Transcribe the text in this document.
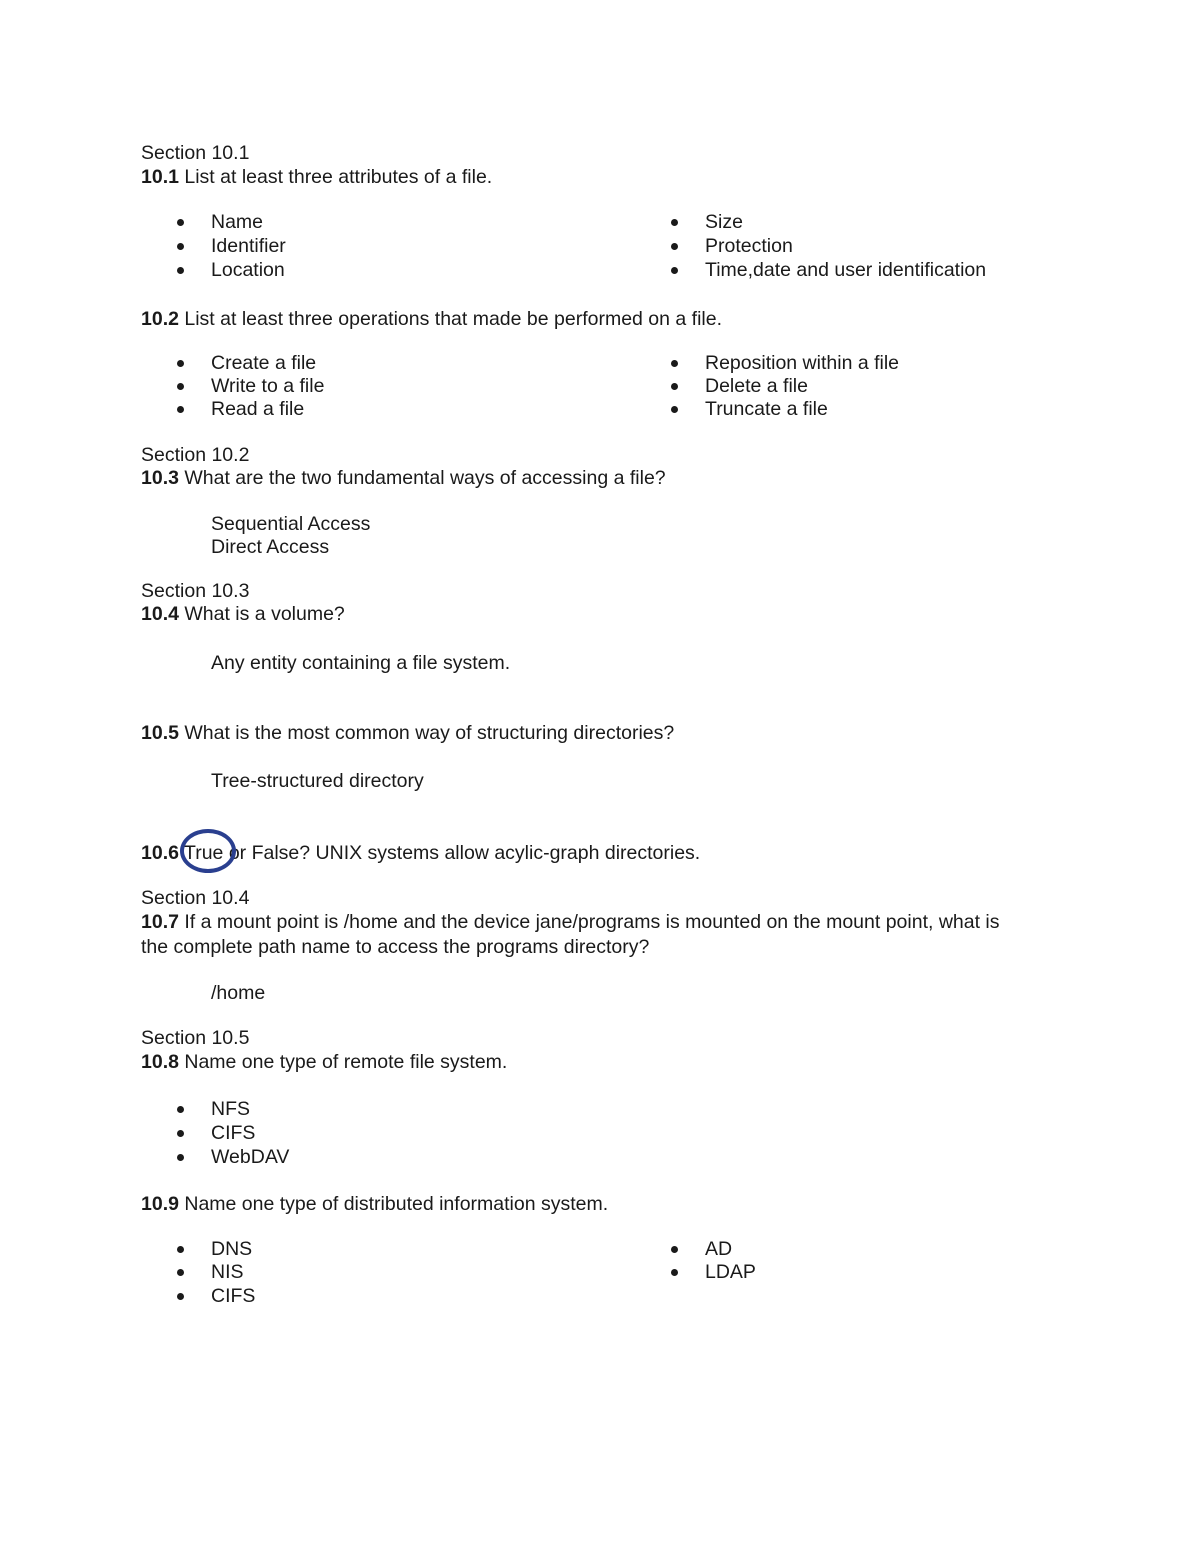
Section 10.1
10.1 List at least three attributes of a file.
Name
Identifier
Location
Size
Protection
Time,date and user identification
10.2 List at least three operations that made be performed on a file.
Create a file
Write to a file
Read a file
Reposition within a file
Delete a file
Truncate a file
Section 10.2
10.3 What are the two fundamental ways of accessing a file?
Sequential Access
Direct Access
Section 10.3
10.4 What is a volume?
Any entity containing a file system.
10.5 What is the most common way of structuring directories?
Tree-structured directory
10.6 True or False? UNIX systems allow acylic-graph directories.
Section 10.4
10.7 If a mount point is /home and the device jane/programs is mounted on the mount point, what is
the complete path name to access the programs directory?
/home
Section 10.5
10.8 Name one type of remote file system.
NFS
CIFS
WebDAV
10.9 Name one type of distributed information system.
DNS
NIS
CIFS
AD
LDAP
